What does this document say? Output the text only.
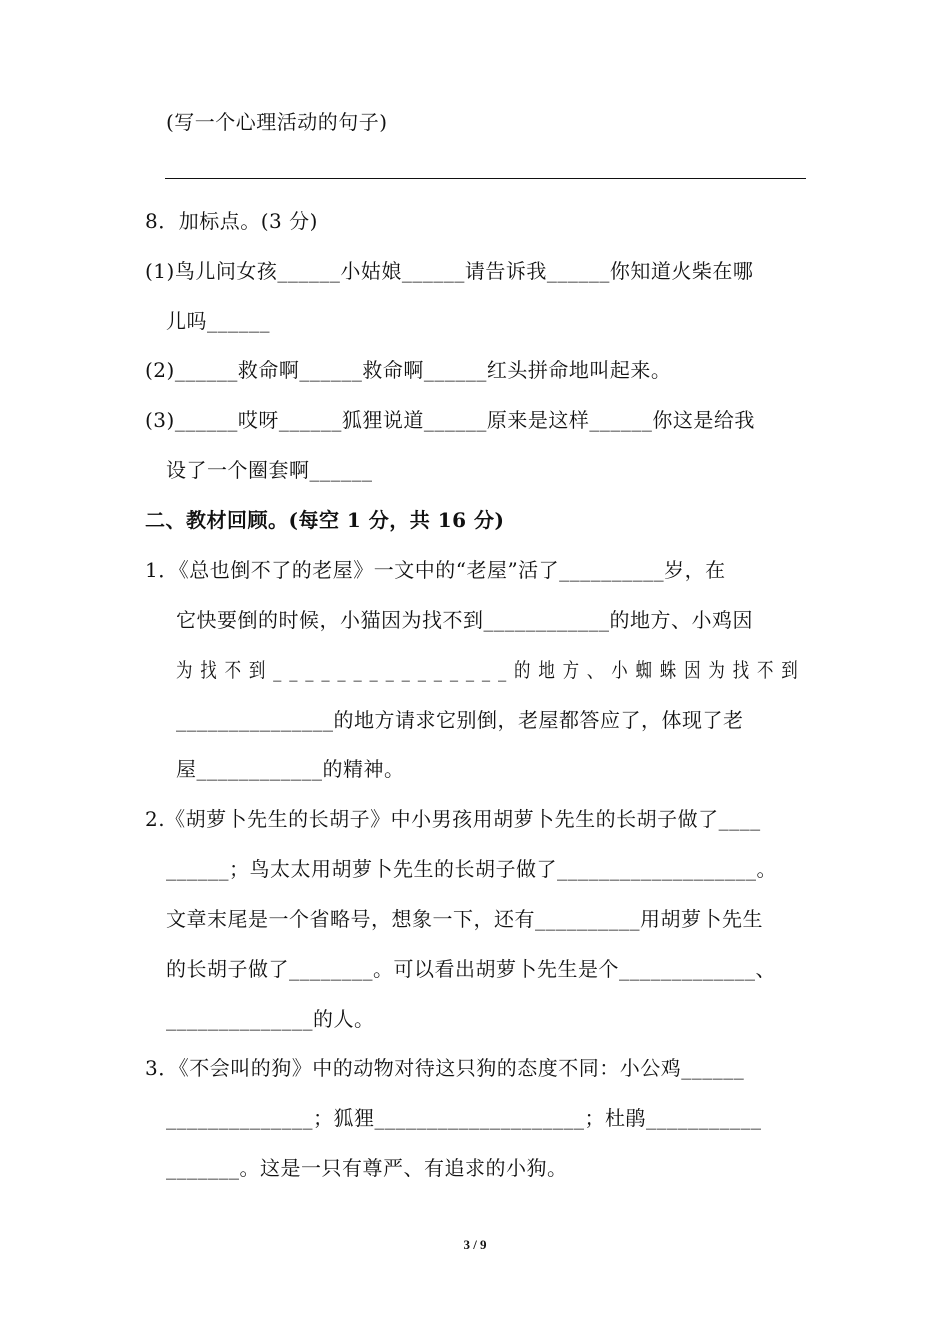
(写一个心理活动的句子)
8．加标点。(3 分)
(1)鸟儿问女孩______小姑娘______请告诉我______你知道火柴在哪
儿吗______
(2)______救命啊______救命啊______红头拼命地叫起来。
(3)______哎呀______狐狸说道______原来是这样______你这是给我
设了一个圈套啊______
二、教材回顾。(每空 1 分，共 16 分)
1．《总也倒不了的老屋》一文中的“老屋”活了__________岁，在
它快要倒的时候，小猫因为找不到____________的地方、小鸡因
为找不到_______________的地方、小蜘蛛因为找不到
_______________的地方请求它别倒，老屋都答应了，体现了老
屋____________的精神。
2.《胡萝卜先生的长胡子》中小男孩用胡萝卜先生的长胡子做了____
______；鸟太太用胡萝卜先生的长胡子做了___________________。
文章末尾是一个省略号，想象一下，还有__________用胡萝卜先生
的长胡子做了________。可以看出胡萝卜先生是个_____________、
______________的人。
3．《不会叫的狗》中的动物对待这只狗的态度不同：小公鸡______
______________；狐狸____________________；杜鹃___________
_______。这是一只有尊严、有追求的小狗。
3 / 9
